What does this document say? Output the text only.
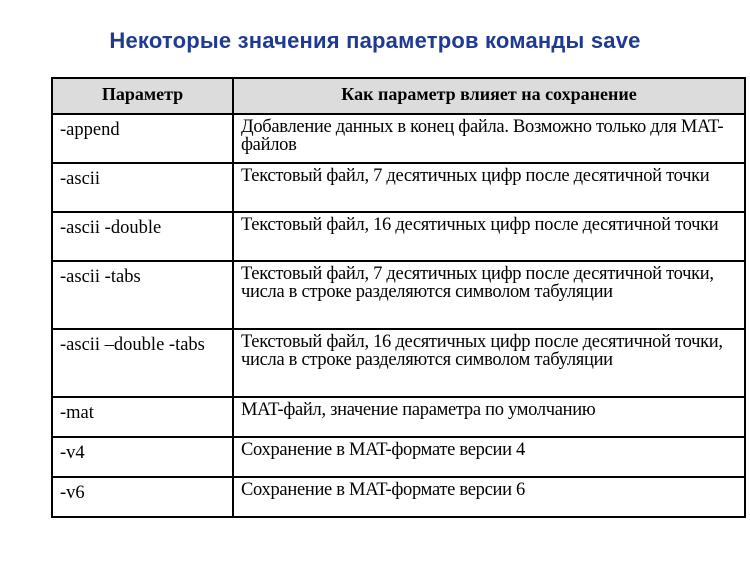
Некоторые значения параметров команды save
Параметр	Как параметр влияет на сохранение
-append	Добавление данных в конец файла. Возможно только для MAT-файлов
-ascii	Текстовый файл, 7 десятичных цифр после десятичной точки
-ascii -double	Текстовый файл, 16 десятичных цифр после десятичной точки
-ascii -tabs	Текстовый файл, 7 десятичных цифр после десятичной точки, числа в строке разделяются символом табуляции
-ascii –double -tabs	Текстовый файл, 16 десятичных цифр после десятичной точки, числа в строке разделяются символом табуляции
-mat	MAT-файл, значение параметра по умолчанию
-v4	Сохранение в MAT-формате версии 4
-v6	Сохранение в MAT-формате версии 6
